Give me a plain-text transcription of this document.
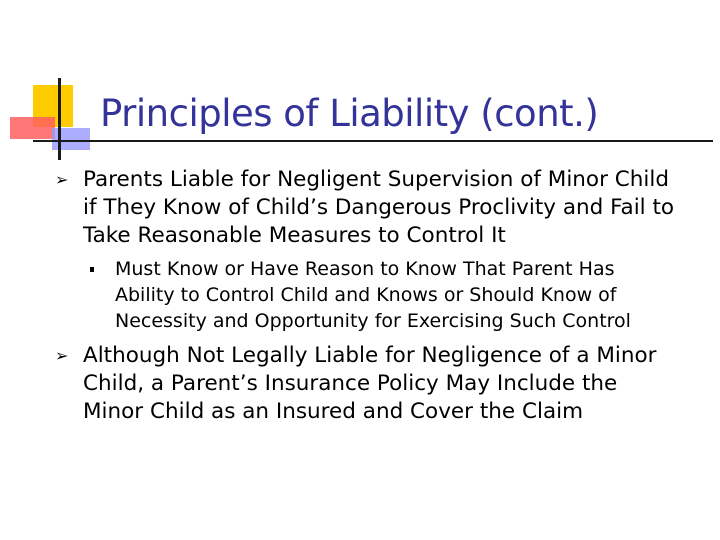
Principles of Liability (cont.)
➢ Parents Liable for Negligent Supervision of Minor Child if They Know of Child’s Dangerous Proclivity and Fail to Take Reasonable Measures to Control It
Must Know or Have Reason to Know That Parent Has Ability to Control Child and Knows or Should Know of Necessity and Opportunity for Exercising Such Control
➢ Although Not Legally Liable for Negligence of a Minor Child, a Parent’s Insurance Policy May Include the Minor Child as an Insured and Cover the Claim
